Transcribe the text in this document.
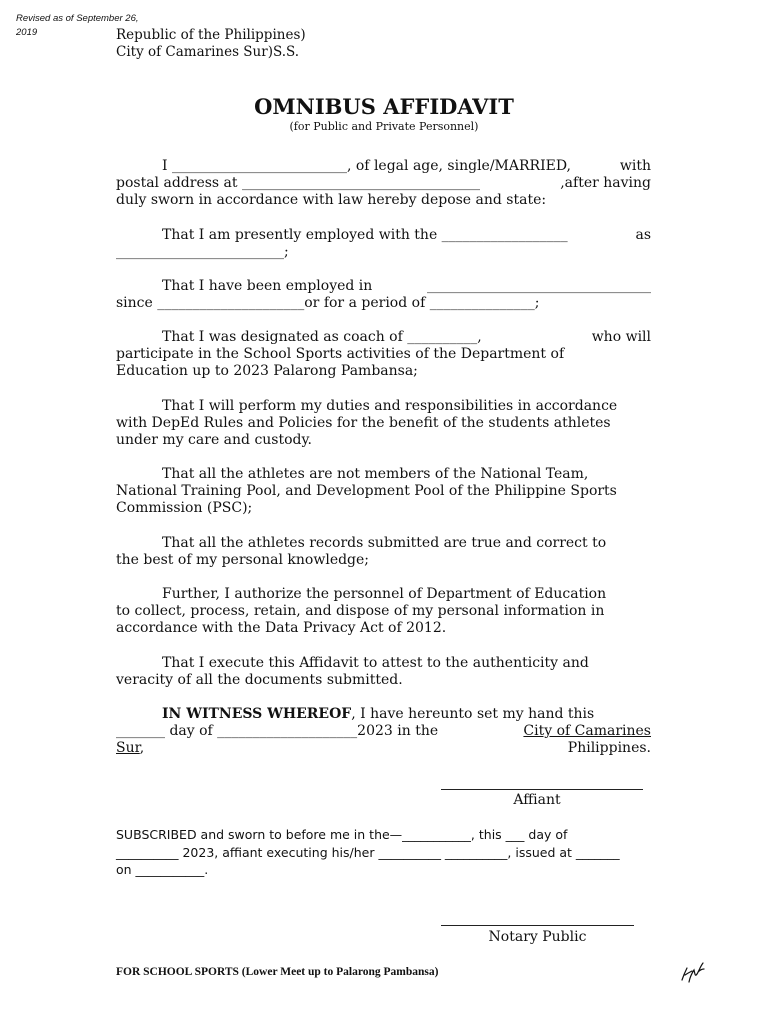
Revised as of September 26, 2019	Republic of the Philippines)
City of Camarines Sur)S.S.
OMNIBUS AFFIDAVIT
(for Public and Private Personnel)
I _________________________, of legal age, single/MARRIED,	with
postal address at __________________________________	,after having
duly sworn in accordance with law hereby depose and state:
That I am presently employed with the __________________	as
________________________;
That I have been employed in	________________________________
since _____________________or for a period of _______________;
That I was designated as coach of __________,	who will
participate in the School Sports activities of the Department of
Education up to 2023 Palarong Pambansa;
That I will perform my duties and responsibilities in accordance
with DepEd Rules and Policies for the benefit of the students athletes
under my care and custody.
That all the athletes are not members of the National Team,
National Training Pool, and Development Pool of the Philippine Sports
Commission (PSC);
That all the athletes records submitted are true and correct to
the best of my personal knowledge;
Further, I authorize the personnel of Department of Education
to collect, process, retain, and dispose of my personal information in
accordance with the Data Privacy Act of 2012.
That I execute this Affidavit to attest to the authenticity and
veracity of all the documents submitted.
IN WITNESS WHEREOF, I have hereunto set my hand this
_______ day of ____________________2023 in the	City of Camarines
Sur,	Philippines.
Affiant
SUBSCRIBED and sworn to before me in the—___________, this ___ day of
__________ 2023, affiant executing his/her __________ __________, issued at _______
on ___________.
Notary Public
FOR SCHOOL SPORTS (Lower Meet up to Palarong Pambansa)
